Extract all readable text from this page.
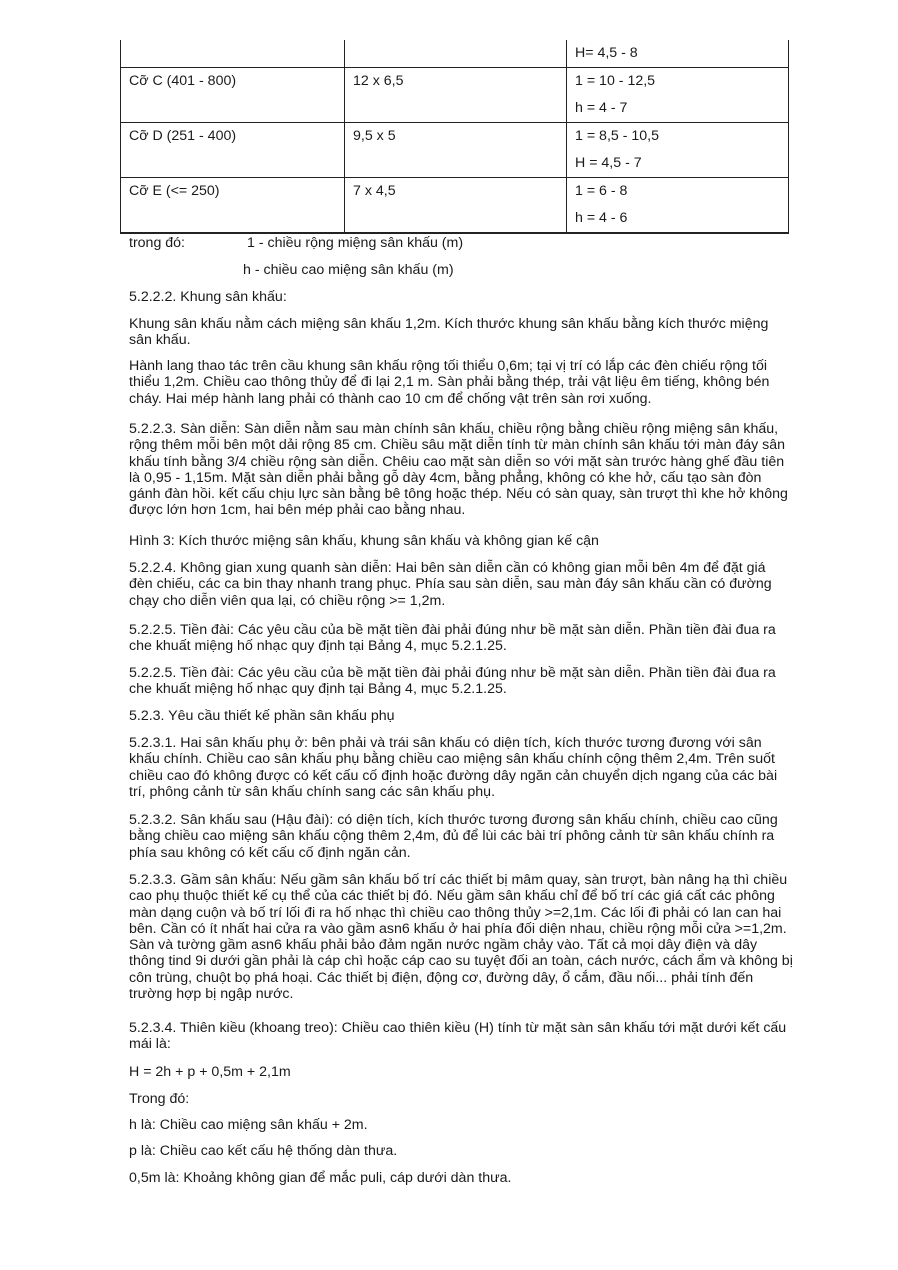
		H= 4,5 - 8

Cỡ C (401 - 800)	12 x 6,5	1 = 10 - 12,5
h = 4 - 7

Cỡ D (251 - 400)	9,5 x 5	1 = 8,5 - 10,5
H = 4,5 - 7

Cỡ E (<= 250)	7 x 4,5	1 = 6 - 8
h = 4 - 6
trong đó:	1 - chiều rộng miệng sân khấu (m)
h - chiều cao miệng sân khấu (m)

5.2.2.2. Khung sân khấu:

Khung sân khấu nằm cách miệng sân khấu 1,2m. Kích thước khung sân khấu bằng kích thước miệng sân khấu.

Hành lang thao tác trên cầu khung sân khấu rộng tối thiểu 0,6m; tại vị trí có lắp các đèn chiếu rộng tối thiểu 1,2m. Chiều cao thông thủy để đi lại 2,1 m. Sàn phải bằng thép, trải vật liệu êm tiếng, không bén cháy. Hai mép hành lang phải có thành cao 10 cm để chống vật trên sàn rơi xuống.

5.2.2.3. Sàn diễn: Sàn diễn nằm sau màn chính sân khấu, chiều rộng bằng chiều rộng miệng sân khấu, rộng thêm mỗi bên một dải rộng 85 cm. Chiều sâu mặt diễn tính từ màn chính sân khấu tới màn đáy sân khấu tính bằng 3/4 chiều rộng sàn diễn. Chêiu cao mặt sàn diễn so với mặt sàn trước hàng ghế đầu tiên là 0,95 - 1,15m. Mặt sàn diễn phải bằng gỗ dày 4cm, bằng phẳng, không có khe hở, cấu tạo sàn đòn gánh đàn hồi. kết cấu chịu lực sàn bằng bê tông hoặc thép. Nếu có sàn quay, sàn trượt thì khe hở không được lớn hơn 1cm, hai bên mép phải cao bằng nhau.

Hình 3: Kích thước miệng sân khấu, khung sân khấu và không gian kế cận

5.2.2.4. Không gian xung quanh sàn diễn: Hai bên sàn diễn cần có không gian mỗi bên 4m để đặt giá đèn chiếu, các ca bin thay nhanh trang phục. Phía sau sàn diễn, sau màn đáy sân khấu cần có đường chạy cho diễn viên qua lại, có chiều rộng >= 1,2m.

5.2.2.5. Tiền đài: Các yêu cầu của bề mặt tiền đài phải đúng như bề mặt sàn diễn. Phần tiền đài đua ra che khuất miệng hố nhạc quy định tại Bảng 4, mục 5.2.1.25.

5.2.2.5. Tiền đài: Các yêu cầu của bề mặt tiền đài phải đúng như bề mặt sàn diễn. Phần tiền đài đua ra che khuất miệng hố nhạc quy định tại Bảng 4, mục 5.2.1.25.

5.2.3. Yêu cầu thiết kế phần sân khấu phụ

5.2.3.1. Hai sân khấu phụ ở: bên phải và trái sân khấu có diện tích, kích thước tương đương với sân khấu chính. Chiều cao sân khấu phụ bằng chiều cao miệng sân khấu chính cộng thêm 2,4m. Trên suốt chiều cao đó không được có kết cấu cố định hoặc đường dây ngăn cản chuyển dịch ngang của các bài trí, phông cảnh từ sân khấu chính sang các sân khấu phụ.

5.2.3.2. Sân khấu sau (Hậu đài): có diện tích, kích thước tương đương sân khấu chính, chiều cao cũng bằng chiều cao miệng sân khấu cộng thêm 2,4m, đủ để lùi các bài trí phông cảnh từ sân khấu chính ra phía sau không có kết cấu cố định ngăn cản.

5.2.3.3. Gầm sân khấu: Nếu gầm sân khấu bố trí các thiết bị mâm quay, sàn trượt, bàn nâng hạ thì chiều cao phụ thuộc thiết kế cụ thể của các thiết bị đó. Nếu gầm sân khấu chỉ để bố trí các giá cất các phông màn dạng cuộn và bố trí lối đi ra hố nhạc thì chiều cao thông thủy >=2,1m. Các lối đi phải có lan can hai bên. Cần có ít nhất hai cửa ra vào gầm asn6 khấu ở hai phía đối diện nhau, chiều rộng mỗi cửa >=1,2m. Sàn và tường gầm asn6 khấu phải bảo đảm ngăn nước ngầm chảy vào. Tất cả mọi dây điện và dây thông tind 9i dưới gần phải là cáp chì hoặc cáp cao su tuyệt đối an toàn, cách nước, cách ẩm và không bị côn trùng, chuột bọ phá hoại. Các thiết bị điện, động cơ, đường dây, ổ cắm, đầu nối... phải tính đến trường hợp bị ngập nước.

5.2.3.4. Thiên kiều (khoang treo): Chiều cao thiên kiều (H) tính từ mặt sàn sân khấu tới mặt dưới kết cấu mái là:

H = 2h + p + 0,5m + 2,1m

Trong đó:

h là: Chiều cao miệng sân khấu + 2m.

p là: Chiều cao kết cấu hệ thống dàn thưa.

0,5m là: Khoảng không gian để mắc puli, cáp dưới dàn thưa.
